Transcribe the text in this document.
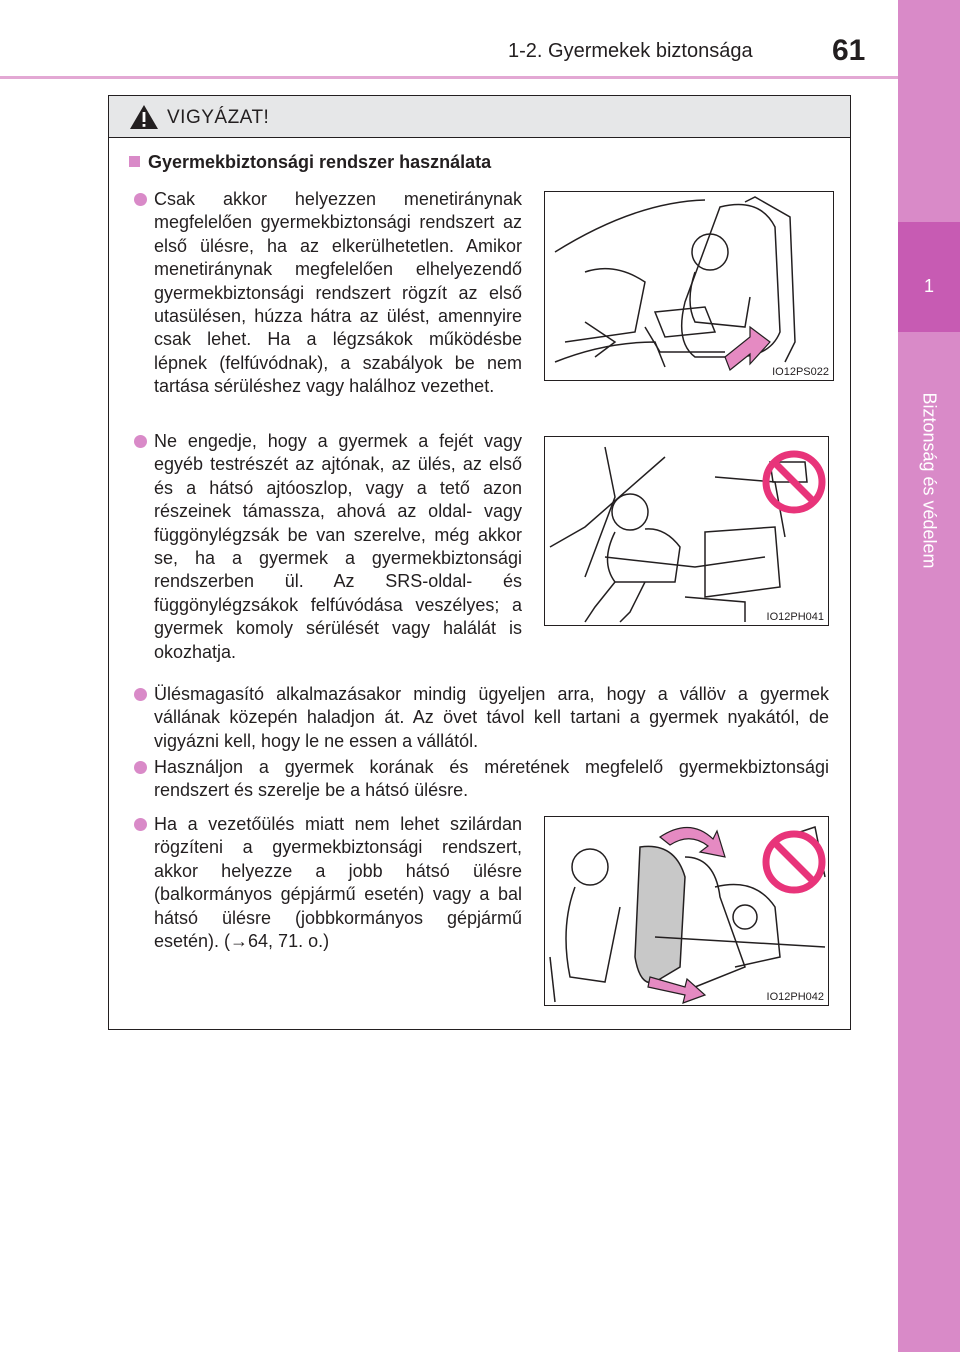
1-2. Gyermekek biztonsága	61
1
Biztonság és védelem
VIGYÁZAT!
Gyermekbiztonsági rendszer használata
Csak akkor helyezzen menetiránynak megfelelően gyermekbiztonsági rendszert az első ülésre, ha az elkerülhetetlen. Amikor menetiránynak megfelelően elhelyezendő gyermekbiztonsági rendszert rögzít az első utasülésen, húzza hátra az ülést, amennyire csak lehet. Ha a légzsákok működésbe lépnek (felfúvódnak), a szabályok be nem tartása sérüléshez vagy halálhoz vezethet.
IO12PS022
Ne engedje, hogy a gyermek a fejét vagy egyéb testrészét az ajtónak, az ülés, az első és a hátsó ajtóoszlop, vagy a tető azon részeinek támassza, ahová az oldal- vagy függönylégzsák be van szerelve, még akkor se, ha a gyermek a gyermekbiztonsági rendszerben ül. Az SRS-oldal- és függönylégzsákok felfúvódása veszélyes; a gyermek komoly sérülését vagy halálát is okozhatja.
IO12PH041
Ülésmagasító alkalmazásakor mindig ügyeljen arra, hogy a vállöv a gyermek vállának közepén haladjon át. Az övet távol kell tartani a gyermek nyakától, de vigyázni kell, hogy le ne essen a vállától.
Használjon a gyermek korának és méretének megfelelő gyermekbiztonsági rendszert és szerelje be a hátsó ülésre.
Ha a vezetőülés miatt nem lehet szilárdan rögzíteni a gyermekbiztonsági rendszert, akkor helyezze a jobb hátsó ülésre (balkormányos gépjármű esetén) vagy a bal hátsó ülésre (jobbkormányos gépjármű esetén). (→64, 71. o.)
IO12PH042
